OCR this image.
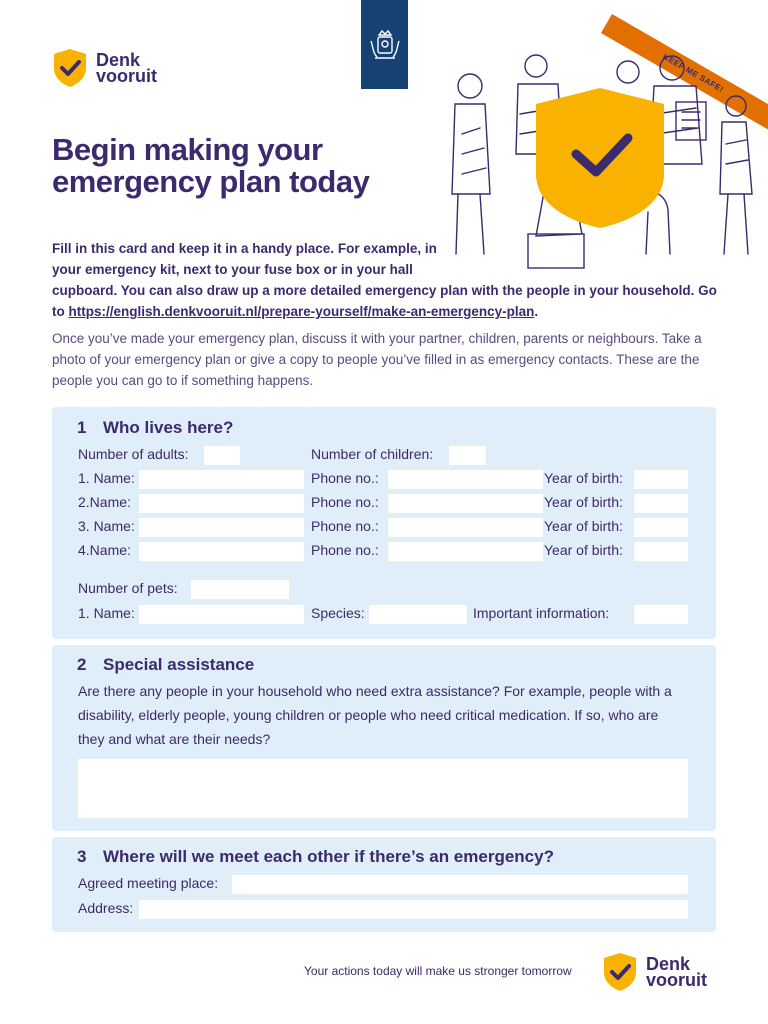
Denk
vooruit	KEEP ME SAFE!
Begin making your emergency plan today
Fill in this card and keep it in a handy place. For example, in your emergency kit, next to your fuse box or in your hall
cupboard. You can also draw up a more detailed emergency plan with the people in your household. Go to https://english.denkvooruit.nl/prepare-yourself/make-an-emergency-plan.
Once you’ve made your emergency plan, discuss it with your partner, children, parents or neighbours. Take a photo of your emergency plan or give a copy to people you’ve filled in as emergency contacts. These are the people you can go to if something happens.
1 Who lives here?
Number of adults:	Number of children:
1. Name:	Phone no.:	Year of birth:
2.Name:	Phone no.:	Year of birth:
3. Name:	Phone no.:	Year of birth:
4.Name:	Phone no.:	Year of birth:
Number of pets:
1. Name:	Species:	Important information:
2 Special assistance
Are there any people in your household who need extra assistance? For example, people with a disability, elderly people, young children or people who need critical medication. If so, who are they and what are their needs?
3 Where will we meet each other if there’s an emergency?
Agreed meeting place:
Address:
Your actions today will make us stronger tomorrow	Denk
vooruit
